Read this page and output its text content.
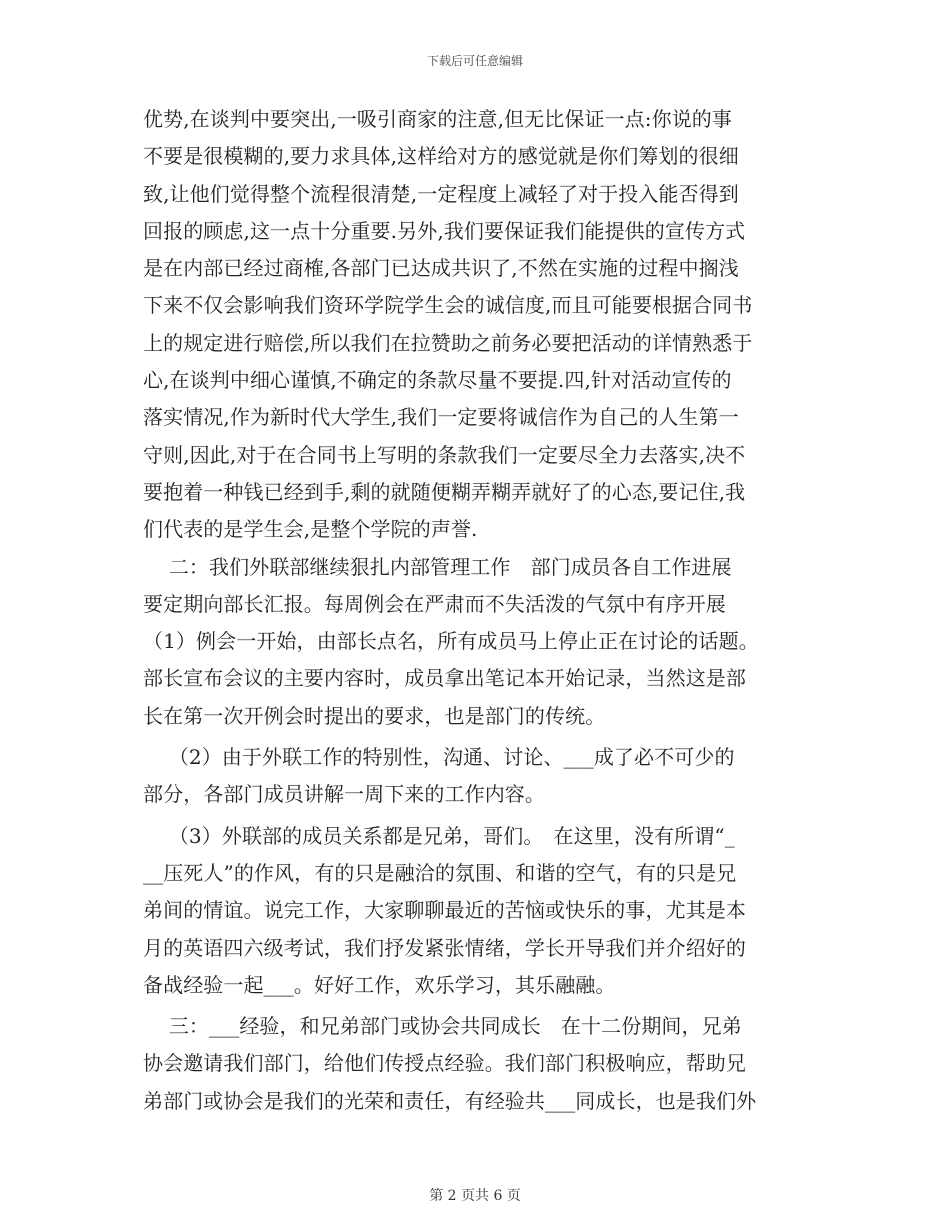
下载后可任意编辑
优势,在谈判中要突出,一吸引商家的注意,但无比保证一点:你说的事
不要是很模糊的,要力求具体,这样给对方的感觉就是你们筹划的很细
致,让他们觉得整个流程很清楚,一定程度上减轻了对于投入能否得到
回报的顾虑,这一点十分重要.另外,我们要保证我们能提供的宣传方式
是在内部已经过商榷,各部门已达成共识了,不然在实施的过程中搁浅
下来不仅会影响我们资环学院学生会的诚信度,而且可能要根据合同书
上的规定进行赔偿,所以我们在拉赞助之前务必要把活动的详情熟悉于
心,在谈判中细心谨慎,不确定的条款尽量不要提.四,针对活动宣传的
落实情况,作为新时代大学生,我们一定要将诚信作为自己的人生第一
守则,因此,对于在合同书上写明的条款我们一定要尽全力去落实,决不
要抱着一种钱已经到手,剩的就随便糊弄糊弄就好了的心态,要记住,我
们代表的是学生会,是整个学院的声誉.
二：我们外联部继续狠扎内部管理工作　部门成员各自工作进展
要定期向部长汇报。每周例会在严肃而不失活泼的气氛中有序开展
（1）例会一开始，由部长点名，所有成员马上停止正在讨论的话题。
部长宣布会议的主要内容时，成员拿出笔记本开始记录，当然这是部
长在第一次开例会时提出的要求，也是部门的传统。
（2）由于外联工作的特别性，沟通、讨论、___成了必不可少的
部分，各部门成员讲解一周下来的工作内容。
（3）外联部的成员关系都是兄弟，哥们。　在这里，没有所谓“_
__压死人”的作风，有的只是融洽的氛围、和谐的空气，有的只是兄
弟间的情谊。说完工作，大家聊聊最近的苦恼或快乐的事，尤其是本
月的英语四六级考试，我们抒发紧张情绪，学长开导我们并介绍好的
备战经验一起___。好好工作，欢乐学习，其乐融融。
三：___经验，和兄弟部门或协会共同成长　在十二份期间，兄弟
协会邀请我们部门，给他们传授点经验。我们部门积极响应，帮助兄
弟部门或协会是我们的光荣和责任，有经验共___同成长，也是我们外
第 2 页共 6 页
